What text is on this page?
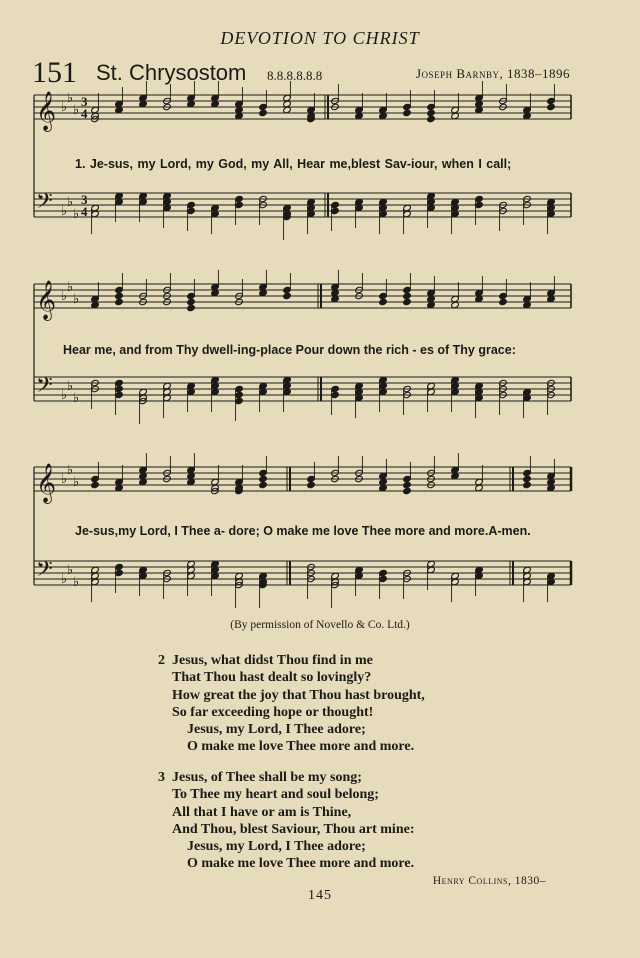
DEVOTION TO CHRIST
151 St. Chrysostom 8.8.8.8.8.8	Joseph Barnby, 1838–1896
𝄞 ♭
♭
♭
3
4
𝄢 ♭
♭
♭
3
4
𝄞 ♭
♭
♭
𝄢 ♭
♭
♭
𝄞 ♭
♭
♭
𝄢 ♭
♭
♭
1. Je-sus, my Lord, my God, my All, Hear me,blest Sav-iour, when I call;
Hear me, and from Thy dwell-ing-place Pour down the rich - es of Thy grace:
Je-sus,my Lord, I Thee a- dore; O make me love Thee more and more.A-men.
(By permission of Novello & Co. Ltd.)
2 Jesus, what didst Thou find in me
That Thou hast dealt so lovingly?
How great the joy that Thou hast brought,
So far exceeding hope or thought!
Jesus, my Lord, I Thee adore;
O make me love Thee more and more.
3 Jesus, of Thee shall be my song;
To Thee my heart and soul belong;
All that I have or am is Thine,
And Thou, blest Saviour, Thou art mine:
Jesus, my Lord, I Thee adore;
O make me love Thee more and more.
Henry Collins, 1830–
145
